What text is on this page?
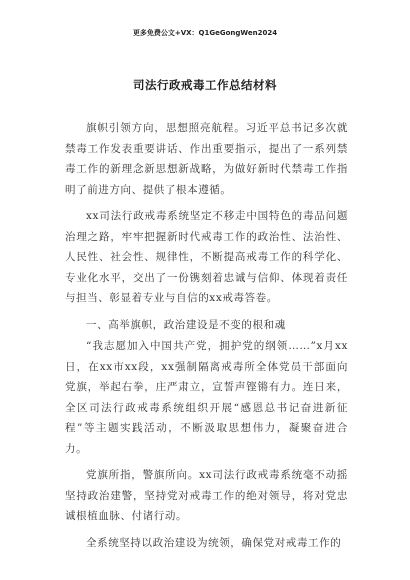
更多免费公文+VX：Q1GeGongWen2024
司法行政戒毒工作总结材料

旗帜引领方向，思想照亮航程。习近平总书记多次就禁毒工作发表重要讲话、作出重要指示，提出了一系列禁毒工作的新理念新思想新战略，为做好新时代禁毒工作指明了前进方向、提供了根本遵循。

xx司法行政戒毒系统坚定不移走中国特色的毒品问题治理之路，牢牢把握新时代戒毒工作的政治性、法治性、人民性、社会性、规律性，不断提高戒毒工作的科学化、专业化水平，交出了一份镌刻着忠诚与信仰、体现着责任与担当、彰显着专业与自信的xx戒毒答卷。

一、高举旗帜，政治建设是不变的根和魂

“我志愿加入中国共产党，拥护党的纲领……”x月xx日，在xx市xx段，xx强制隔离戒毒所全体党员干部面向党旗，举起右拳，庄严肃立，宣誓声铿锵有力。连日来，全区司法行政戒毒系统组织开展“感恩总书记奋进新征程”等主题实践活动，不断汲取思想伟力，凝聚奋进合力。

党旗所指，警旗所向。xx司法行政戒毒系统毫不动摇坚持政治建警，坚持党对戒毒工作的绝对领导，将对党忠诚根植血脉、付诸行动。

全系统坚持以政治建设为统领，确保党对戒毒工作的
